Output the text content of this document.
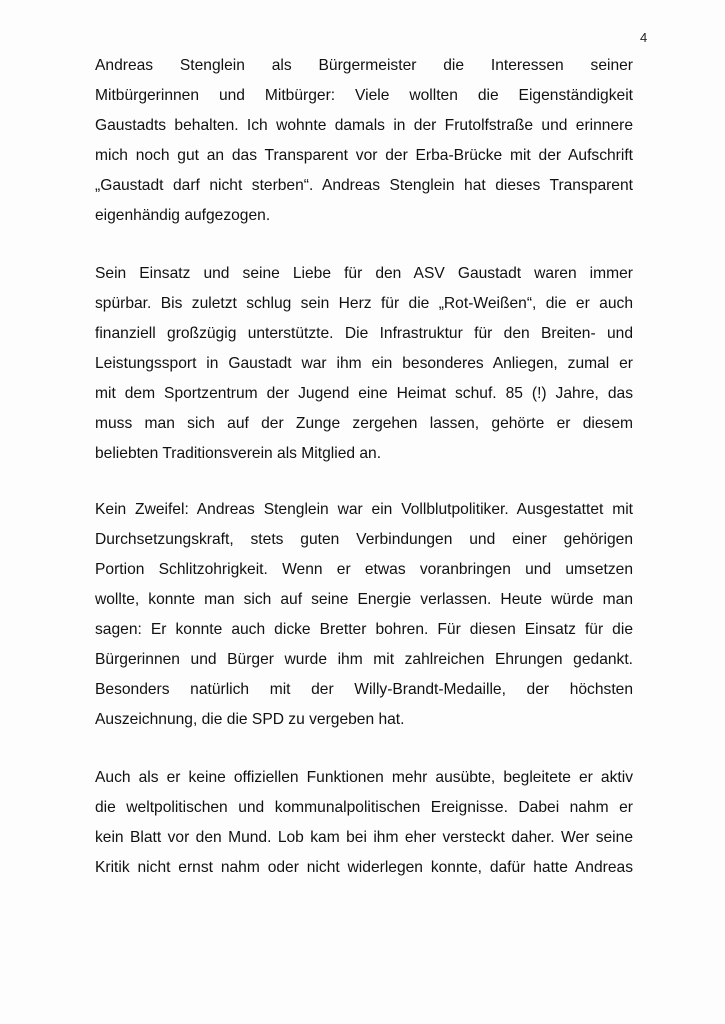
4
Andreas Stenglein als Bürgermeister die Interessen seiner
Mitbürgerinnen und Mitbürger: Viele wollten die Eigenständigkeit
Gaustadts behalten. Ich wohnte damals in der Frutolfstraße und erinnere
mich noch gut an das Transparent vor der Erba-Brücke mit der Aufschrift
„Gaustadt darf nicht sterben“. Andreas Stenglein hat dieses Transparent
eigenhändig aufgezogen.
Sein Einsatz und seine Liebe für den ASV Gaustadt waren immer
spürbar. Bis zuletzt schlug sein Herz für die „Rot-Weißen“, die er auch
finanziell großzügig unterstützte. Die Infrastruktur für den Breiten- und
Leistungssport in Gaustadt war ihm ein besonderes Anliegen, zumal er
mit dem Sportzentrum der Jugend eine Heimat schuf. 85 (!) Jahre, das
muss man sich auf der Zunge zergehen lassen, gehörte er diesem
beliebten Traditionsverein als Mitglied an.
Kein Zweifel: Andreas Stenglein war ein Vollblutpolitiker. Ausgestattet mit
Durchsetzungskraft, stets guten Verbindungen und einer gehörigen
Portion Schlitzohrigkeit. Wenn er etwas voranbringen und umsetzen
wollte, konnte man sich auf seine Energie verlassen. Heute würde man
sagen: Er konnte auch dicke Bretter bohren. Für diesen Einsatz für die
Bürgerinnen und Bürger wurde ihm mit zahlreichen Ehrungen gedankt.
Besonders natürlich mit der Willy-Brandt-Medaille, der höchsten
Auszeichnung, die die SPD zu vergeben hat.
Auch als er keine offiziellen Funktionen mehr ausübte, begleitete er aktiv
die weltpolitischen und kommunalpolitischen Ereignisse. Dabei nahm er
kein Blatt vor den Mund. Lob kam bei ihm eher versteckt daher. Wer seine
Kritik nicht ernst nahm oder nicht widerlegen konnte, dafür hatte Andreas
